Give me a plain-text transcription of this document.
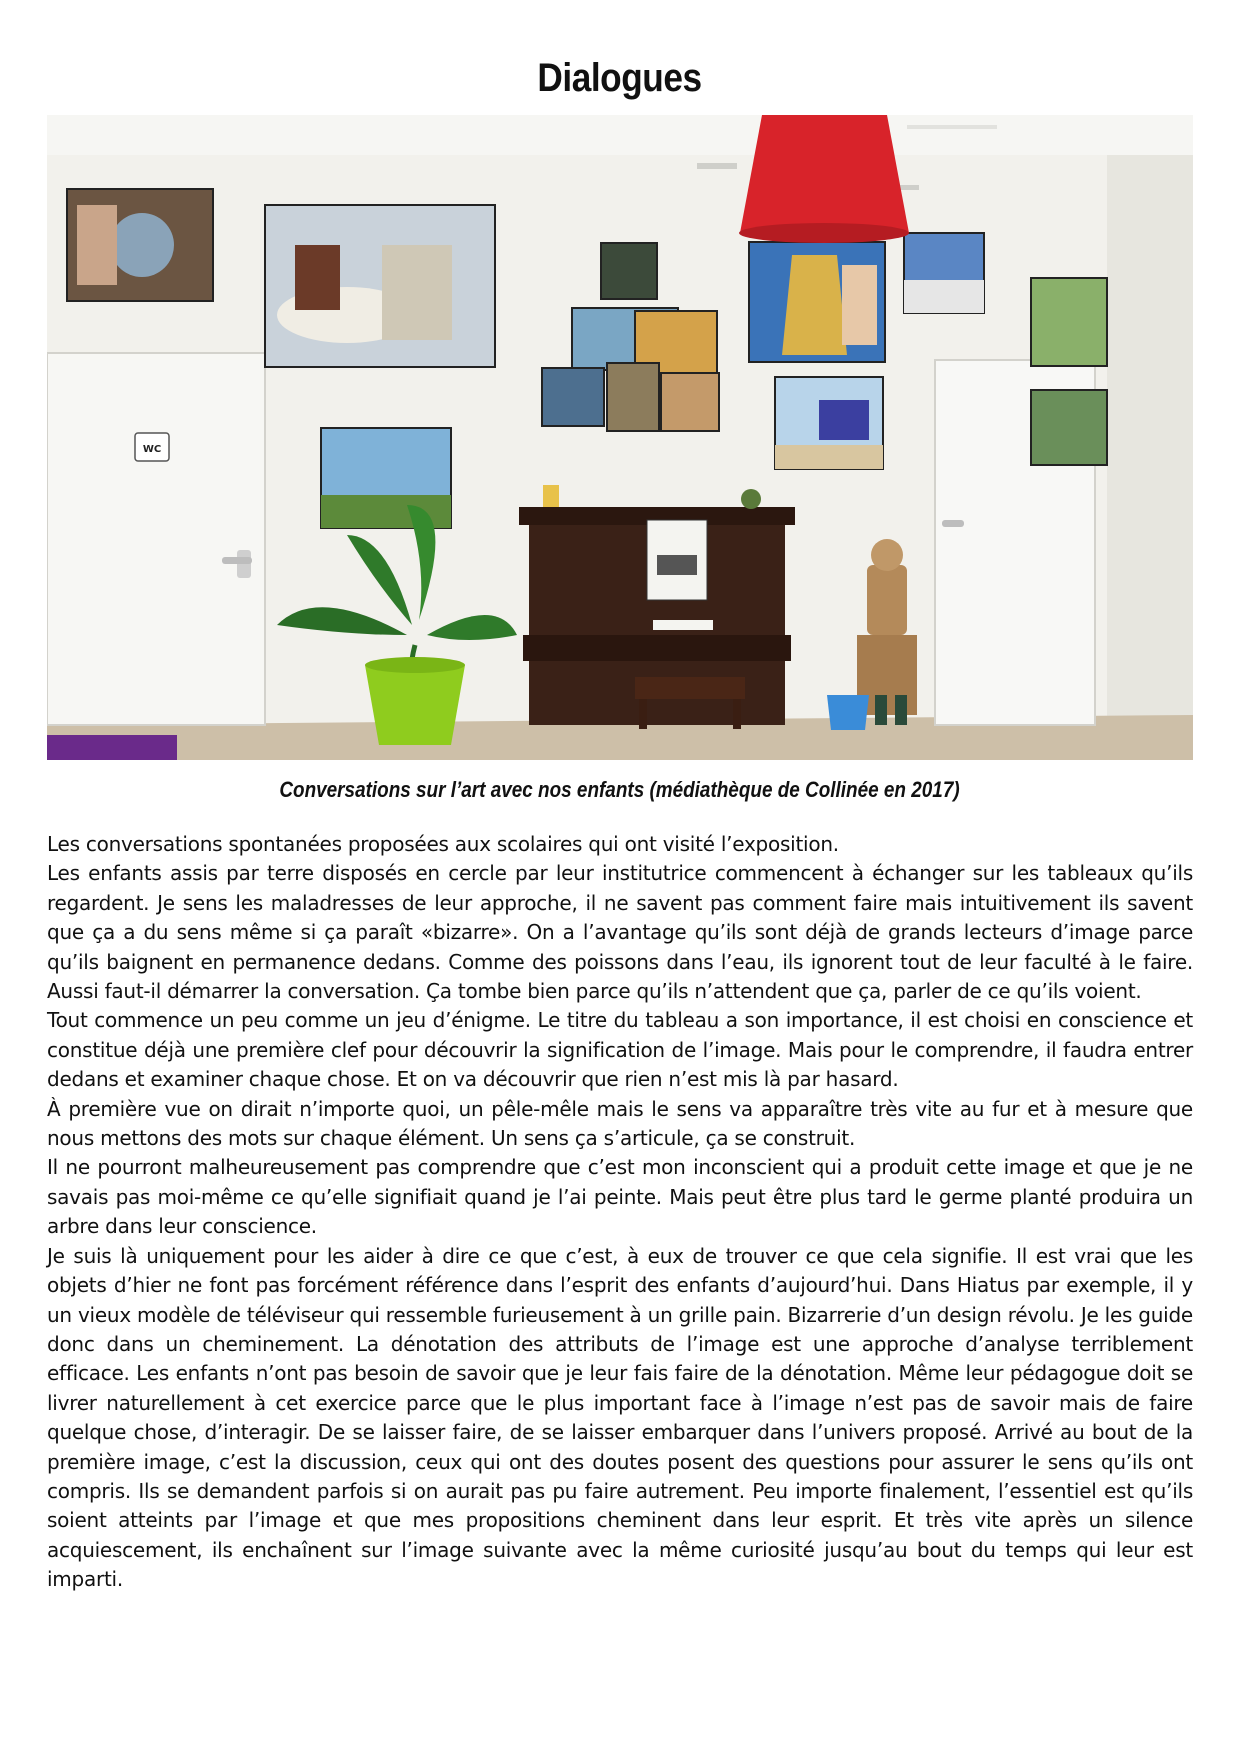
Dialogues
WC
Conversations sur l’art avec nos enfants (médiathèque de Collinée en 2017)

Les conversations spontanées proposées aux scolaires qui ont visité l’exposition.

Les enfants assis par terre disposés en cercle par leur institutrice commencent à échanger sur les tableaux qu’ils regardent. Je sens les maladresses de leur approche, il ne savent pas comment faire mais intuitivement ils savent que ça a du sens même si ça paraît «bizarre». On a l’avantage qu’ils sont déjà de grands lecteurs d’image parce qu’ils baignent en permanence dedans. Comme des poissons dans l’eau, ils ignorent tout de leur faculté à le faire. Aussi faut-il démarrer la conversation. Ça tombe bien parce qu’ils n’attendent que ça, parler de ce qu’ils voient.

Tout commence un peu comme un jeu d’énigme. Le titre du tableau a son importance, il est choisi en conscience et constitue déjà une première clef pour découvrir la signification de l’image. Mais pour le comprendre, il faudra entrer dedans et examiner chaque chose. Et on va découvrir que rien n’est mis là par hasard.

À première vue on dirait n’importe quoi, un pêle-mêle mais le sens va apparaître très vite au fur et à mesure que nous mettons des mots sur chaque élément. Un sens ça s’articule, ça se construit.

Il ne pourront malheureusement pas comprendre que c’est mon inconscient qui a produit cette image et que je ne savais pas moi-même ce qu’elle signifiait quand je l’ai peinte. Mais peut être plus tard le germe planté produira un arbre dans leur conscience.

Je suis là uniquement pour les aider à dire ce que c’est, à eux de trouver ce que cela signifie. Il est vrai que les objets d’hier ne font pas forcément référence dans l’esprit des enfants d’aujourd’hui. Dans Hiatus par exemple, il y un vieux modèle de téléviseur qui ressemble furieusement à un grille pain. Bizarrerie d’un design révolu. Je les guide donc dans un cheminement. La dénotation des attributs de l’image est une approche d’analyse terriblement efficace. Les enfants n’ont pas besoin de savoir que je leur fais faire de la dénotation. Même leur pédagogue doit se livrer naturellement à cet exercice parce que le plus important face à l’image n’est pas de savoir mais de faire quelque chose, d’interagir. De se laisser faire, de se laisser embarquer dans l’univers proposé. Arrivé au bout de la première image, c’est la discussion, ceux qui ont des doutes posent des questions pour assurer le sens qu’ils ont compris. Ils se demandent parfois si on aurait pas pu faire autrement. Peu importe finalement, l’essentiel est qu’ils soient atteints par l’image et que mes propositions cheminent dans leur esprit. Et très vite après un silence acquiescement, ils enchaînent sur l’image suivante avec la même curiosité jusqu’au bout du temps qui leur est imparti.
